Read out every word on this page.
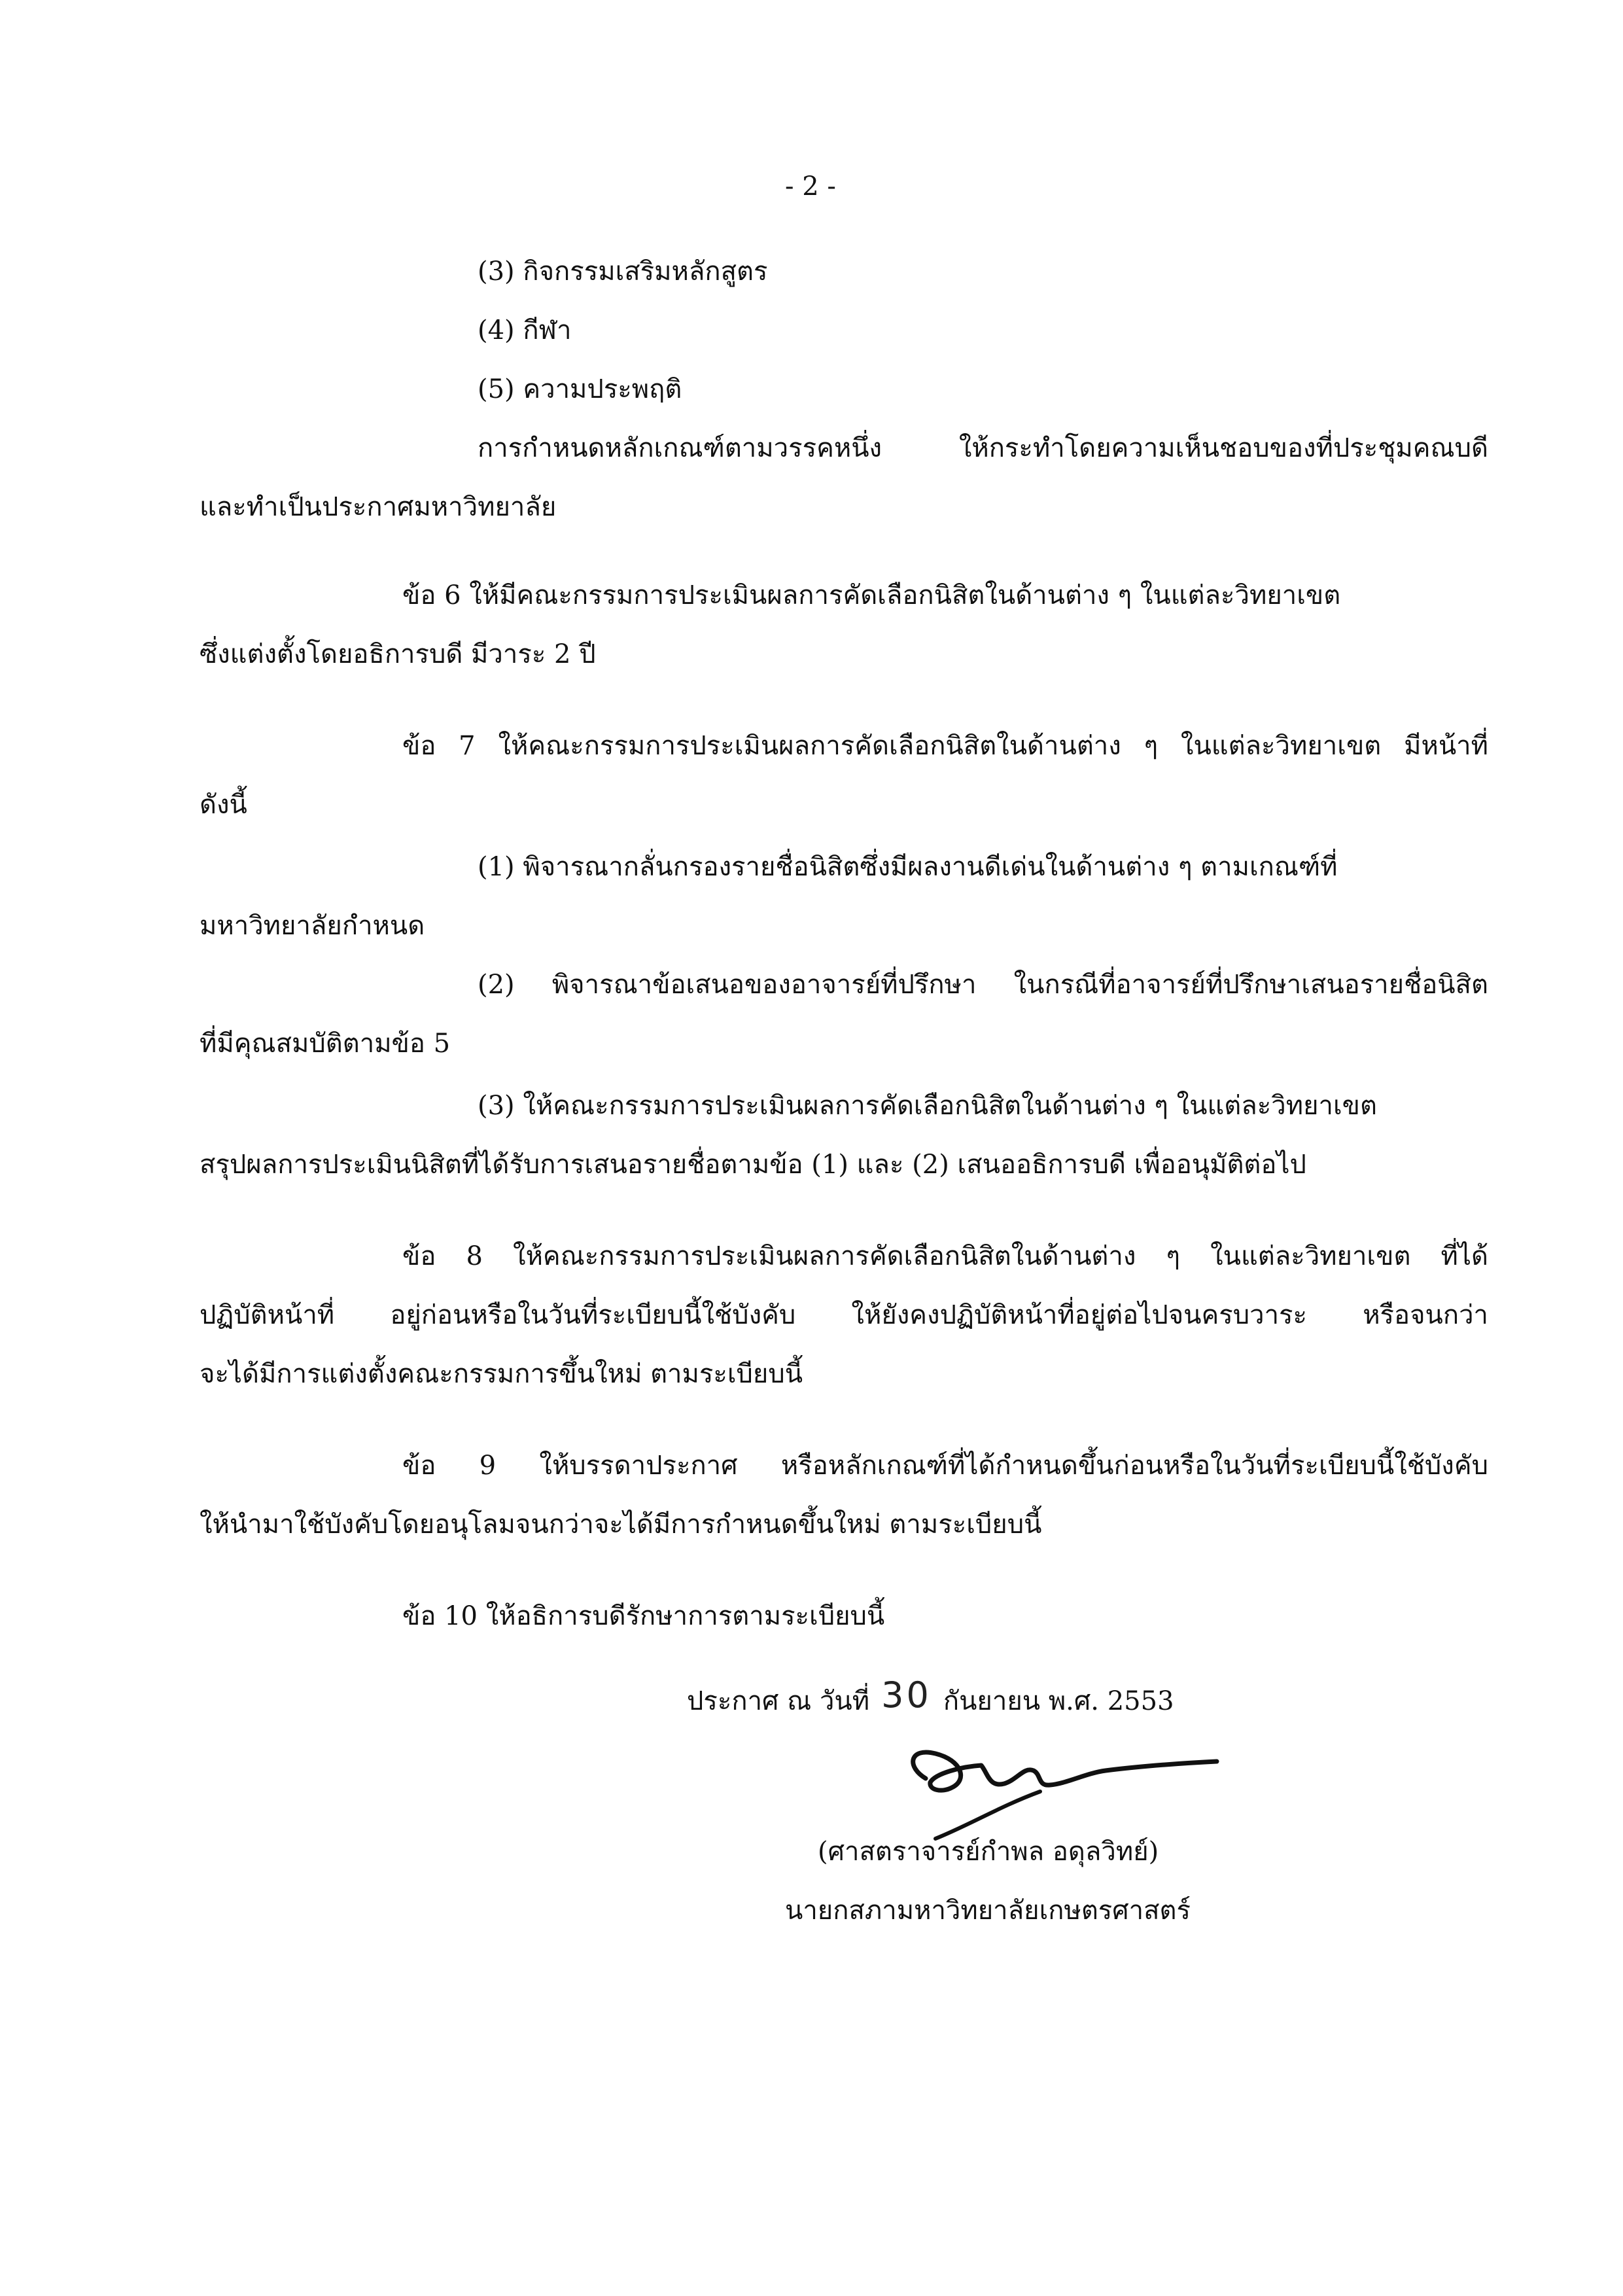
- 2 -
(3) กิจกรรมเสริมหลักสูตร
(4) กีฬา
(5) ความประพฤติ
การกำหนดหลักเกณฑ์ตามวรรคหนึ่ง ให้กระทำโดยความเห็นชอบของที่ประชุมคณบดี
และทำเป็นประกาศมหาวิทยาลัย
ข้อ 6 ให้มีคณะกรรมการประเมินผลการคัดเลือกนิสิตในด้านต่าง ๆ ในแต่ละวิทยาเขต
ซึ่งแต่งตั้งโดยอธิการบดี มีวาระ 2 ปี
ข้อ 7 ให้คณะกรรมการประเมินผลการคัดเลือกนิสิตในด้านต่าง ๆ ในแต่ละวิทยาเขต มีหน้าที่
ดังนี้
(1) พิจารณากลั่นกรองรายชื่อนิสิตซึ่งมีผลงานดีเด่นในด้านต่าง ๆ ตามเกณฑ์ที่
มหาวิทยาลัยกำหนด
(2) พิจารณาข้อเสนอของอาจารย์ที่ปรึกษา ในกรณีที่อาจารย์ที่ปรึกษาเสนอรายชื่อนิสิต
ที่มีคุณสมบัติตามข้อ 5
(3) ให้คณะกรรมการประเมินผลการคัดเลือกนิสิตในด้านต่าง ๆ ในแต่ละวิทยาเขต
สรุปผลการประเมินนิสิตที่ได้รับการเสนอรายชื่อตามข้อ (1) และ (2) เสนออธิการบดี เพื่ออนุมัติต่อไป
ข้อ 8 ให้คณะกรรมการประเมินผลการคัดเลือกนิสิตในด้านต่าง ๆ ในแต่ละวิทยาเขต ที่ได้
ปฏิบัติหน้าที่ อยู่ก่อนหรือในวันที่ระเบียบนี้ใช้บังคับ ให้ยังคงปฏิบัติหน้าที่อยู่ต่อไปจนครบวาระ หรือจนกว่า
จะได้มีการแต่งตั้งคณะกรรมการขึ้นใหม่ ตามระเบียบนี้
ข้อ 9 ให้บรรดาประกาศ หรือหลักเกณฑ์ที่ได้กำหนดขึ้นก่อนหรือในวันที่ระเบียบนี้ใช้บังคับ
ให้นำมาใช้บังคับโดยอนุโลมจนกว่าจะได้มีการกำหนดขึ้นใหม่ ตามระเบียบนี้
ข้อ 10 ให้อธิการบดีรักษาการตามระเบียบนี้
ประกาศ ณ วันที่ 30 กันยายน พ.ศ. 2553
(ศาสตราจารย์กำพล อดุลวิทย์)
นายกสภามหาวิทยาลัยเกษตรศาสตร์
